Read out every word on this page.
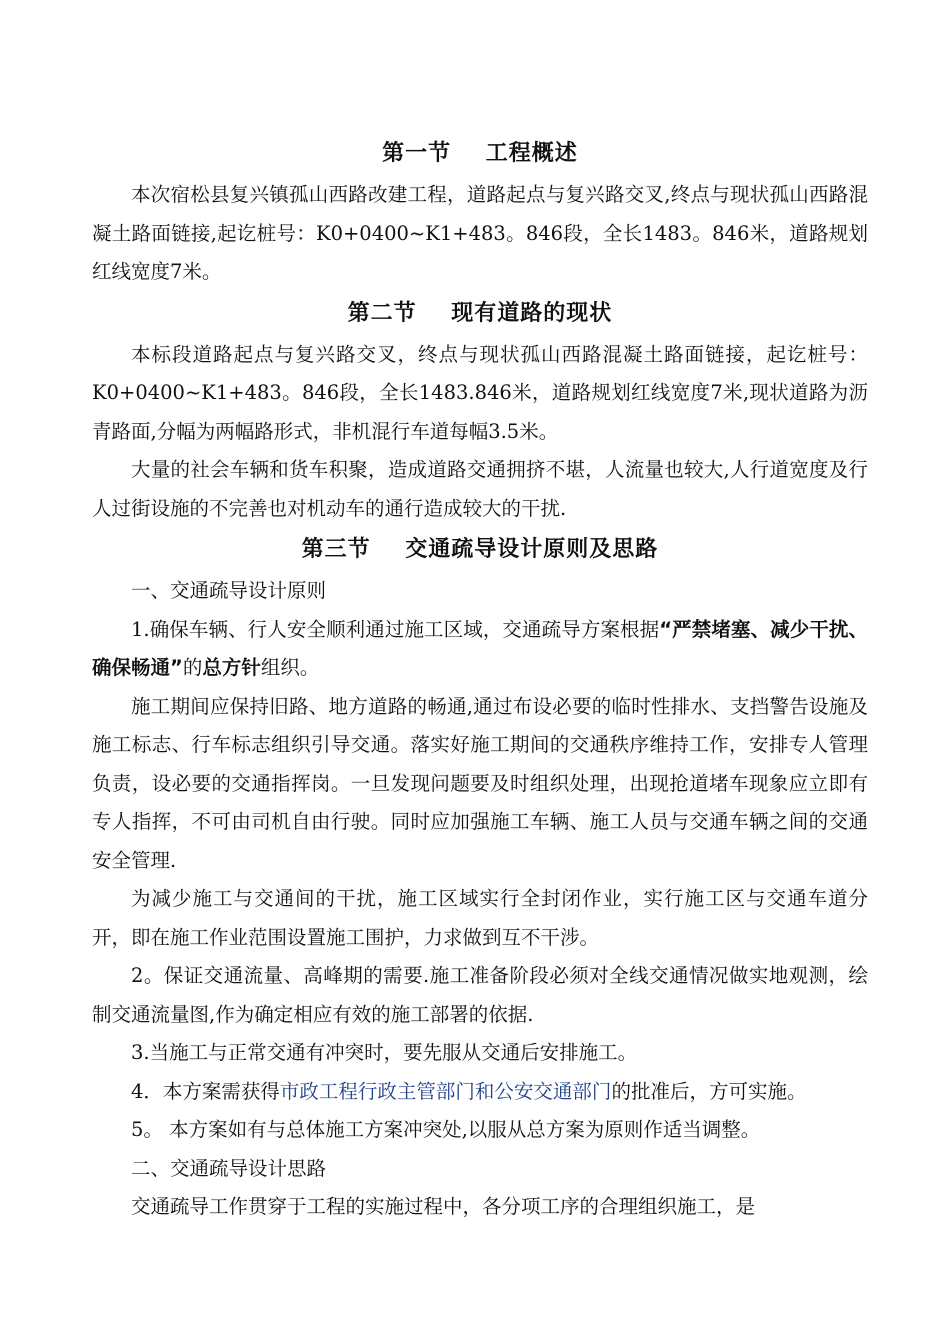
第一节    工程概述

本次宿松县复兴镇孤山西路改建工程，道路起点与复兴路交叉,终点与现状孤山西路混凝土路面链接,起讫桩号：K0+0400~K1+483。846段，全长1483。846米，道路规划红线宽度7米。

第二节    现有道路的现状

本标段道路起点与复兴路交叉，终点与现状孤山西路混凝土路面链接，起讫桩号：K0+0400~K1+483。846段，全长1483.846米，道路规划红线宽度7米,现状道路为沥青路面,分幅为两幅路形式，非机混行车道每幅3.5米。

大量的社会车辆和货车积聚，造成道路交通拥挤不堪，人流量也较大,人行道宽度及行人过街设施的不完善也对机动车的通行造成较大的干扰.

第三节    交通疏导设计原则及思路

一、交通疏导设计原则

1.确保车辆、行人安全顺利通过施工区域，交通疏导方案根据“严禁堵塞、减少干扰、确保畅通”的总方针组织。

施工期间应保持旧路、地方道路的畅通,通过布设必要的临时性排水、支挡警告设施及施工标志、行车标志组织引导交通。落实好施工期间的交通秩序维持工作，安排专人管理负责，设必要的交通指挥岗。一旦发现问题要及时组织处理，出现抢道堵车现象应立即有专人指挥，不可由司机自由行驶。同时应加强施工车辆、施工人员与交通车辆之间的交通安全管理.

为减少施工与交通间的干扰，施工区域实行全封闭作业，实行施工区与交通车道分开，即在施工作业范围设置施工围护，力求做到互不干涉。

2。保证交通流量、高峰期的需要.施工准备阶段必须对全线交通情况做实地观测，绘制交通流量图,作为确定相应有效的施工部署的依据.

3.当施工与正常交通有冲突时，要先服从交通后安排施工。

4．本方案需获得市政工程行政主管部门和公安交通部门的批准后，方可实施。

5。 本方案如有与总体施工方案冲突处,以服从总方案为原则作适当调整。

二、交通疏导设计思路

交通疏导工作贯穿于工程的实施过程中，各分项工序的合理组织施工，是
